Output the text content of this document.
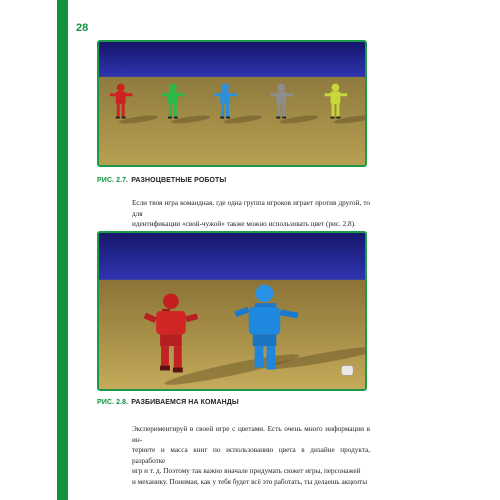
28
РИС. 2.7. РАЗНОЦВЕТНЫЕ РОБОТЫ

Если твоя игра командная, где одна группа игроков играет против другой, то для

идентификации «свой-чужой» также можно использовать цвет (рис. 2.8).

РИС. 2.8. РАЗБИВАЕМСЯ НА КОМАНДЫ

Экспериментируй в своей игре с цветами. Есть очень много информации в ин-

тернете и масса книг по использованию цвета в дизайне продукта, разработке

игр и т. д. Поэтому так важно вначале придумать сюжет игры, персонажей

и механику. Понимая, как у тебя будет всё это работать, ты делаешь акценты
